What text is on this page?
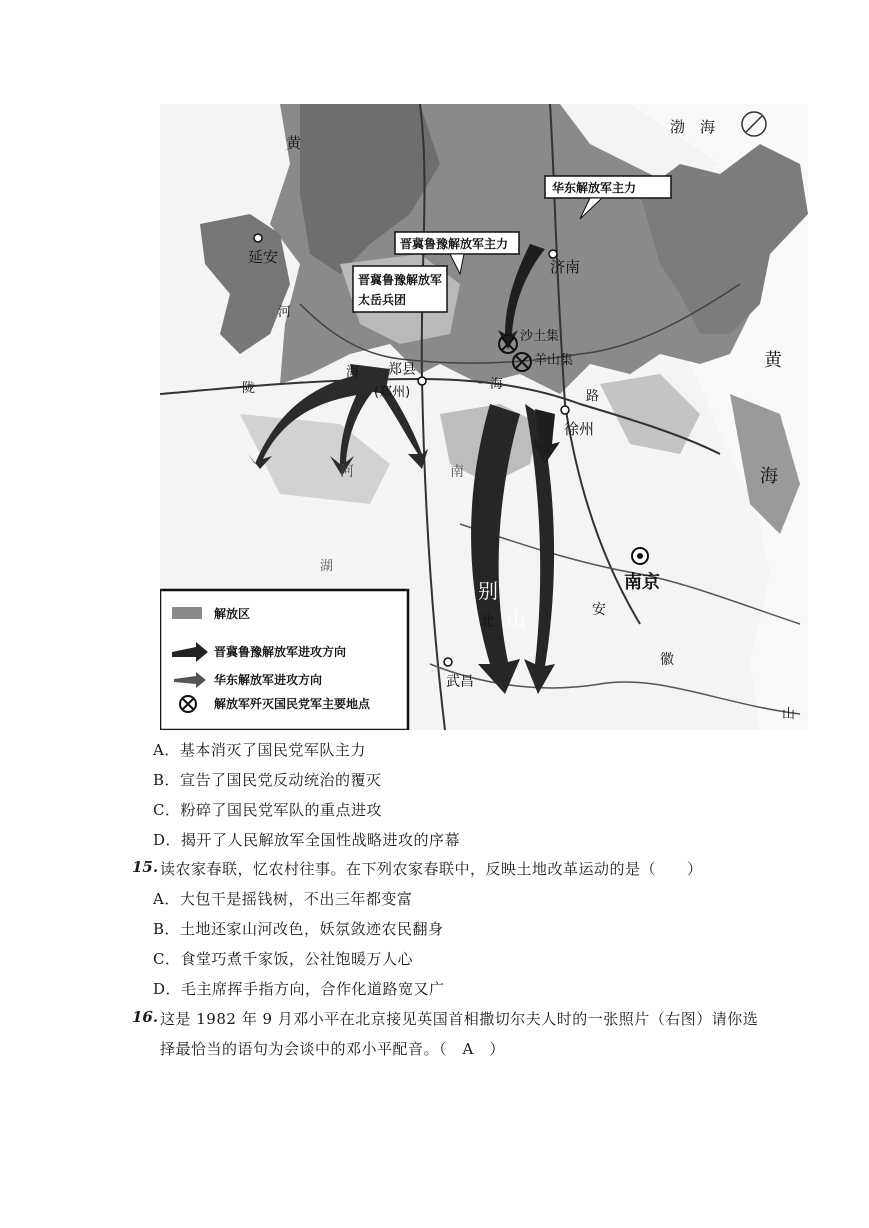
渤 海
黄
延安
河
济南
陇
海 郑县
(郑州)
海
路
徐州
沙土集
羊山集	黄
海
河	南
南京
安
徽
湖
北
别
山
武昌
山
华东解放军主力
晋冀鲁豫解放军主力
晋冀鲁豫解放军
太岳兵团
解放区
晋冀鲁豫解放军进攻方向
华东解放军进攻方向
解放军歼灭国民党军主要地点
A．基本消灭了国民党军队主力
B．宣告了国民党反动统治的覆灭
C．粉碎了国民党军队的重点进攻
D．揭开了人民解放军全国性战略进攻的序幕
15. 读农家春联，忆农村往事。在下列农家春联中，反映土地改革运动的是（　　）
A．大包干是摇钱树，不出三年都变富
B．土地还家山河改色，妖氛敛迹农民翻身
C．食堂巧煮千家饭，公社饱暖万人心
D．毛主席挥手指方向，合作化道路宽又广
16. 这是 1982 年 9 月邓小平在北京接见英国首相撒切尔夫人时的一张照片（右图）请你选
择最恰当的语句为会谈中的邓小平配音。（　A　）
